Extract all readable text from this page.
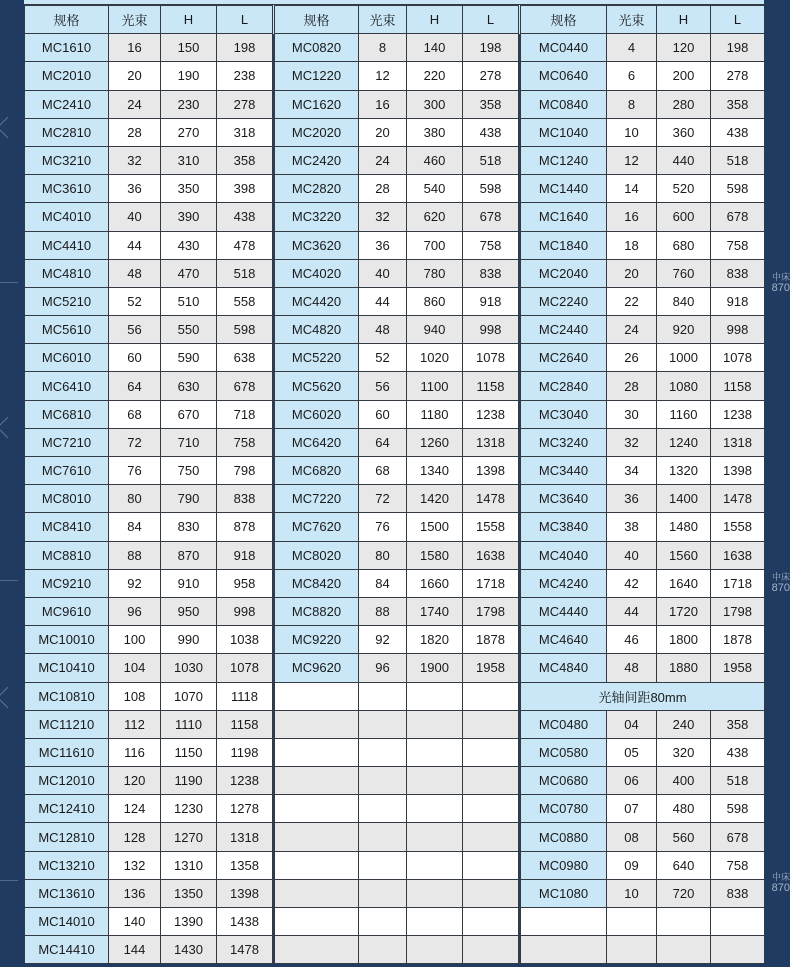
中床
870
中床
870
中床
870
规格	光束	H	L		规格	光束	H	L		规格	光束	H	L
MC1610	16	150	198		MC0820	8	140	198		MC0440	4	120	198
MC2010	20	190	238		MC1220	12	220	278		MC0640	6	200	278
MC2410	24	230	278		MC1620	16	300	358		MC0840	8	280	358
MC2810	28	270	318		MC2020	20	380	438		MC1040	10	360	438
MC3210	32	310	358		MC2420	24	460	518		MC1240	12	440	518
MC3610	36	350	398		MC2820	28	540	598		MC1440	14	520	598
MC4010	40	390	438		MC3220	32	620	678		MC1640	16	600	678
MC4410	44	430	478		MC3620	36	700	758		MC1840	18	680	758
MC4810	48	470	518		MC4020	40	780	838		MC2040	20	760	838
MC5210	52	510	558		MC4420	44	860	918		MC2240	22	840	918
MC5610	56	550	598		MC4820	48	940	998		MC2440	24	920	998
MC6010	60	590	638		MC5220	52	1020	1078		MC2640	26	1000	1078
MC6410	64	630	678		MC5620	56	1100	1158		MC2840	28	1080	1158
MC6810	68	670	718		MC6020	60	1180	1238		MC3040	30	1160	1238
MC7210	72	710	758		MC6420	64	1260	1318		MC3240	32	1240	1318
MC7610	76	750	798		MC6820	68	1340	1398		MC3440	34	1320	1398
MC8010	80	790	838		MC7220	72	1420	1478		MC3640	36	1400	1478
MC8410	84	830	878		MC7620	76	1500	1558		MC3840	38	1480	1558
MC8810	88	870	918		MC8020	80	1580	1638		MC4040	40	1560	1638
MC9210	92	910	958		MC8420	84	1660	1718		MC4240	42	1640	1718
MC9610	96	950	998		MC8820	88	1740	1798		MC4440	44	1720	1798
MC10010	100	990	1038		MC9220	92	1820	1878		MC4640	46	1800	1878
MC10410	104	1030	1078		MC9620	96	1900	1958		MC4840	48	1880	1958
MC10810	108	1070	1118							光轴间距80mm			
MC11210	112	1110	1158							MC0480	04	240	358
MC11610	116	1150	1198							MC0580	05	320	438
MC12010	120	1190	1238							MC0680	06	400	518
MC12410	124	1230	1278							MC0780	07	480	598
MC12810	128	1270	1318							MC0880	08	560	678
MC13210	132	1310	1358							MC0980	09	640	758
MC13610	136	1350	1398							MC1080	10	720	838
MC14010	140	1390	1438										
MC14410	144	1430	1478										
